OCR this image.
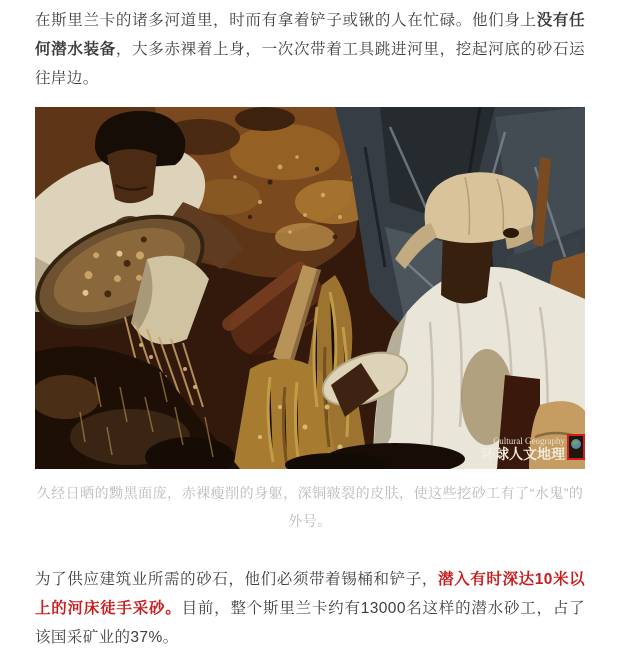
在斯里兰卡的诸多河道里，时而有拿着铲子或锹的人在忙碌。他们身上没有任何潜水装备，大多赤裸着上身，一次次带着工具跳进河里，挖起河底的砂石运往岸边。

Cultural Geography
环球人文地理

久经日晒的黝黑面庞，赤裸瘦削的身躯，深铜皲裂的皮肤，使这些挖砂工有了“水鬼”的外号。

为了供应建筑业所需的砂石，他们必须带着锡桶和铲子，潜入有时深达10米以上的河床徒手采砂。目前，整个斯里兰卡约有13000名这样的潜水砂工，占了该国采矿业的37%。
